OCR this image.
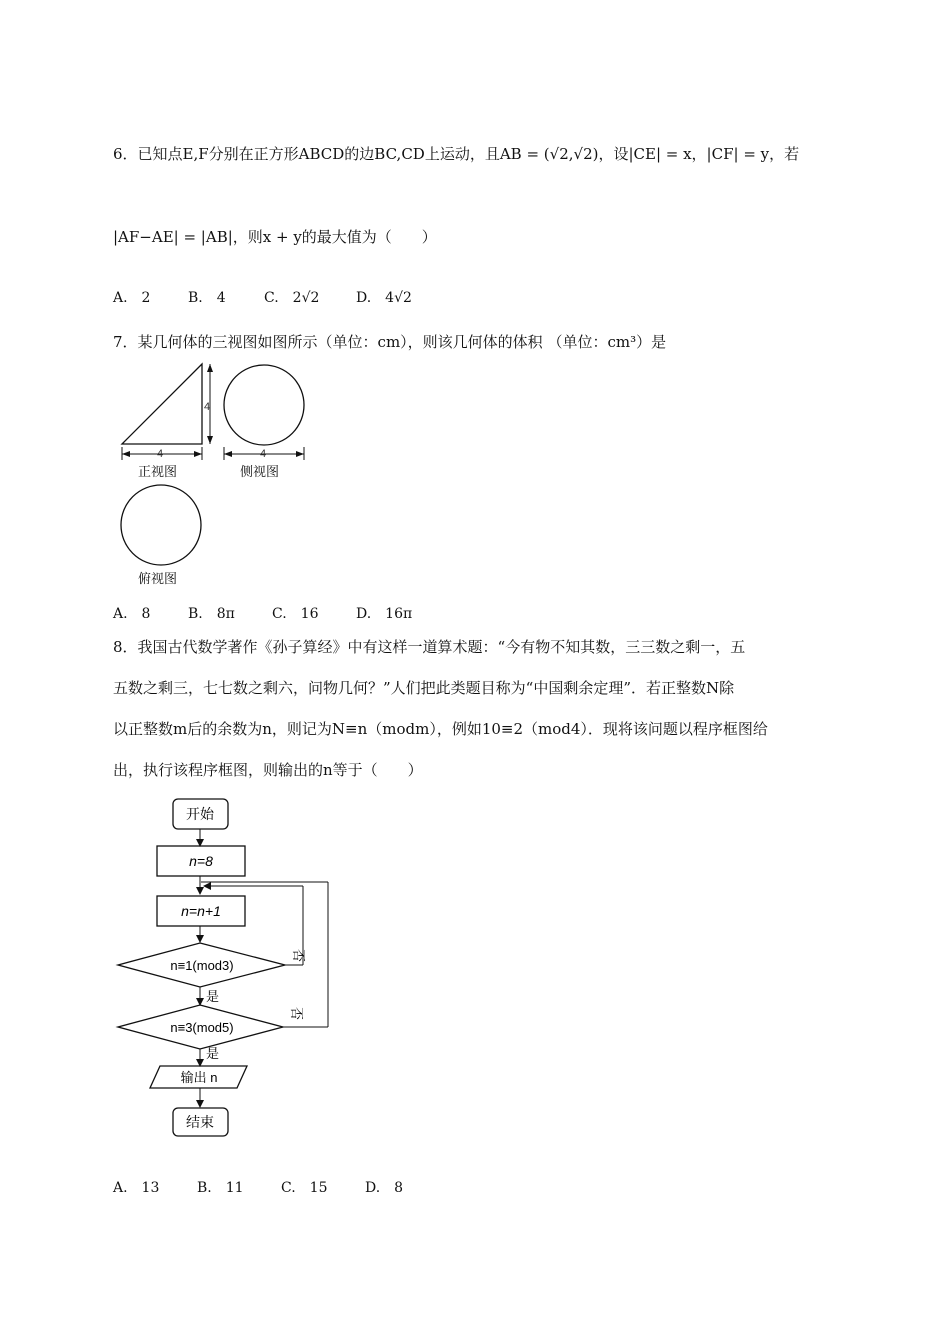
6．已知点E,F分别在正方形ABCD的边BC,CD上运动，且AB = (√2,√2)，设|CE| = x，|CF| = y，若
|AF−AE| = |AB|，则x + y的最大值为（　　）
A.　2	B.　4	C.　2√2	D.　4√2
7．某几何体的三视图如图所示（单位：cm），则该几何体的体积 （单位：cm³）是
4
4
正视图
4
侧视图
俯视图
A.　8	B.　8π	C.　16	D.　16π
8．我国古代数学著作《孙子算经》中有这样一道算术题：“今有物不知其数，三三数之剩一，五
五数之剩三，七七数之剩六，问物几何？”人们把此类题目称为“中国剩余定理”．若正整数N除
以正整数m后的余数为n，则记为N≡n（modm），例如10≡2（mod4）．现将该问题以程序框图给
出，执行该程序框图，则输出的n等于（　　）
开始
n=8
n=n+1
n≡1(mod3)
否
是
n≡3(mod5)
否
是
输出 n
结束
A.　13	B.　11	C.　15	D.　8
